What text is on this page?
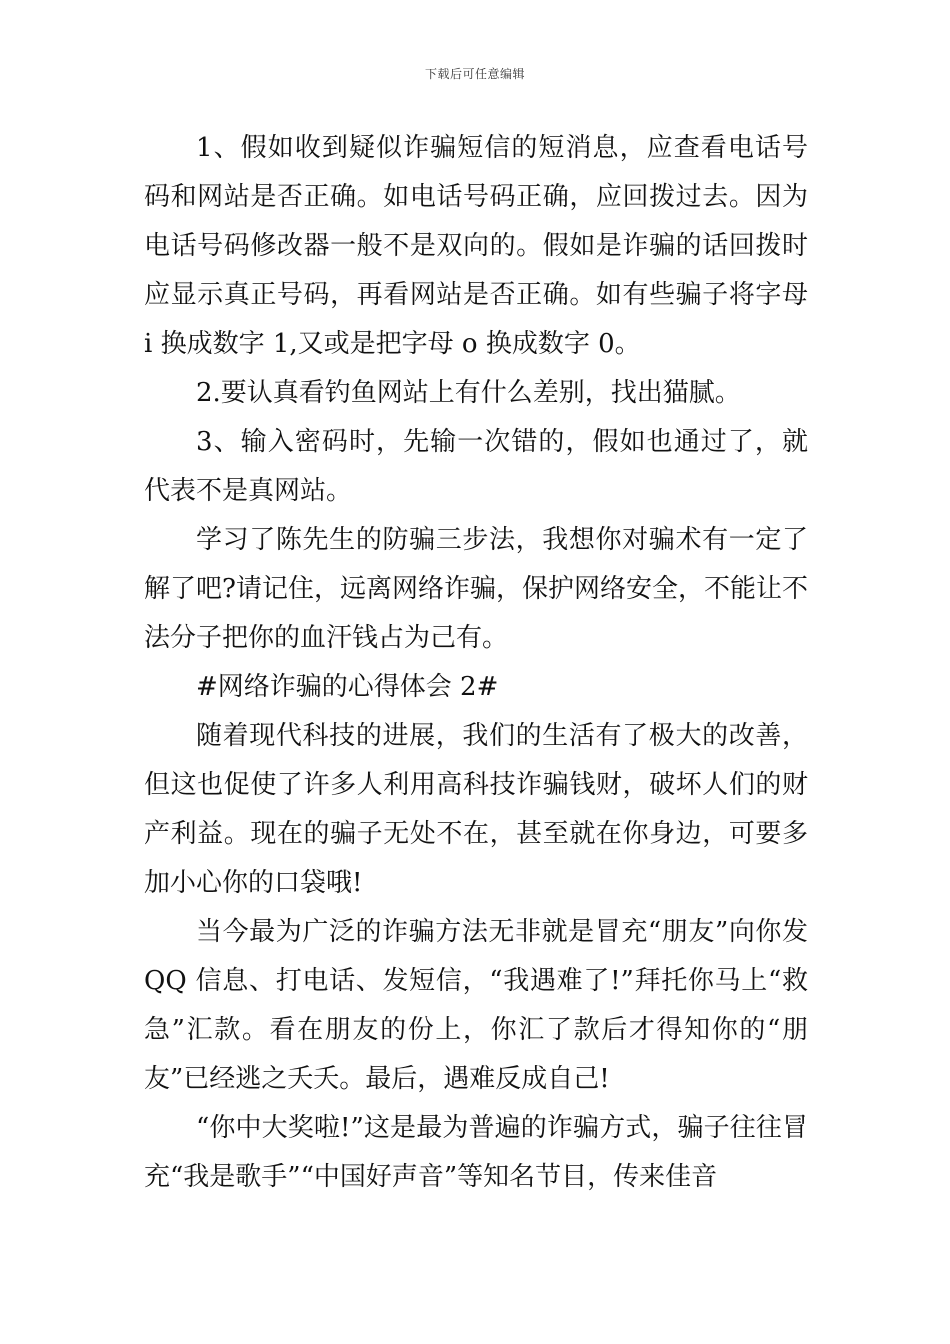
下载后可任意编辑

1、假如收到疑似诈骗短信的短消息，应查看电话号码和网站是否正确。如电话号码正确，应回拨过去。因为电话号码修改器一般不是双向的。假如是诈骗的话回拨时应显示真正号码，再看网站是否正确。如有些骗子将字母 i 换成数字 1,又或是把字母 o 换成数字 0。

2.要认真看钓鱼网站上有什么差别，找出猫腻。

3、输入密码时，先输一次错的，假如也通过了，就代表不是真网站。

学习了陈先生的防骗三步法，我想你对骗术有一定了解了吧?请记住，远离网络诈骗，保护网络安全，不能让不法分子把你的血汗钱占为己有。

#网络诈骗的心得体会 2#

随着现代科技的进展，我们的生活有了极大的改善，但这也促使了许多人利用高科技诈骗钱财，破坏人们的财产利益。现在的骗子无处不在，甚至就在你身边，可要多加小心你的口袋哦!

当今最为广泛的诈骗方法无非就是冒充“朋友”向你发 QQ 信息、打电话、发短信，“我遇难了!”拜托你马上“救急”汇款。看在朋友的份上，你汇了款后才得知你的“朋友”已经逃之夭夭。最后，遇难反成自己!

“你中大奖啦!”这是最为普遍的诈骗方式，骗子往往冒充“我是歌手”“中国好声音”等知名节目，传来佳音
